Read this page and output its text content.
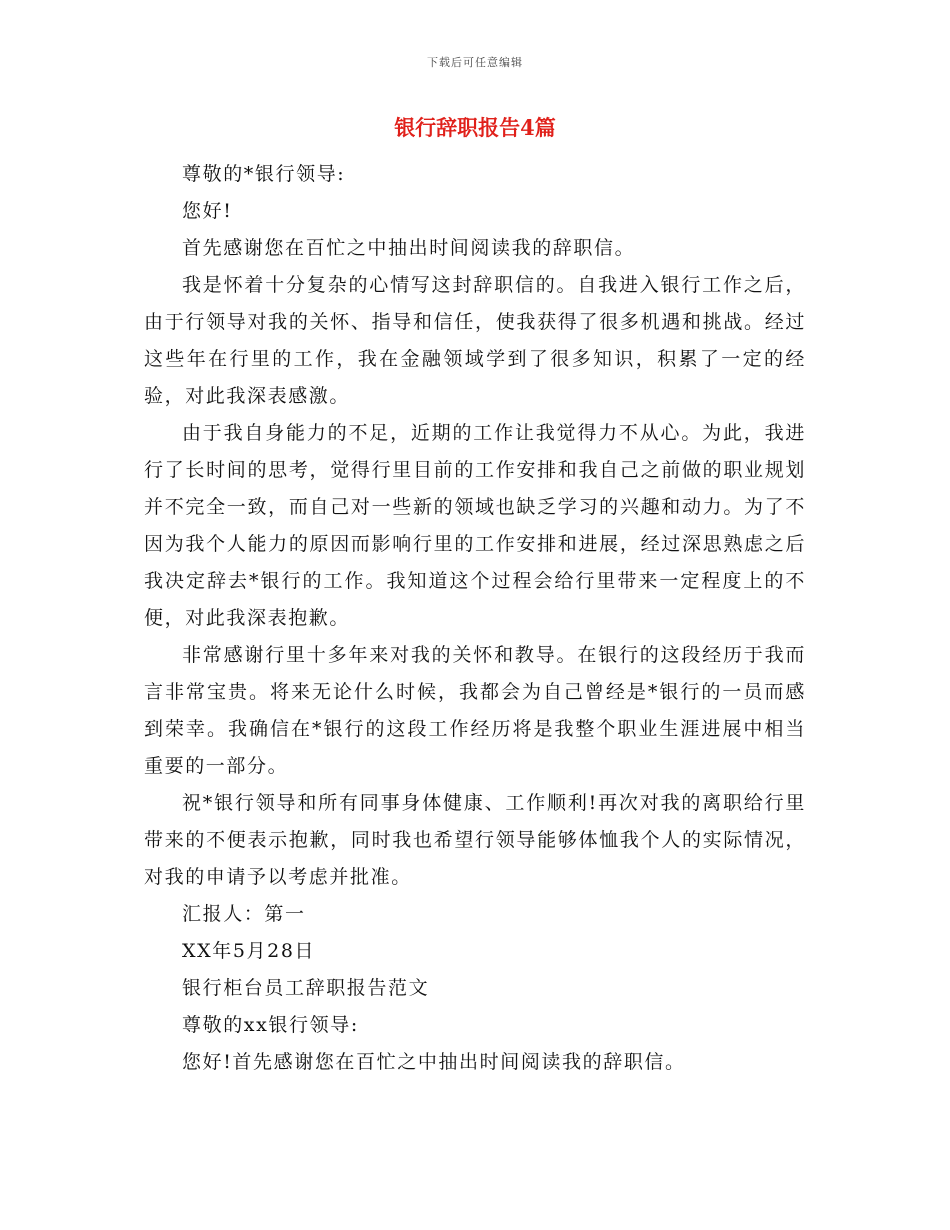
下载后可任意编辑
银行辞职报告4篇

尊敬的*银行领导:

您好!

首先感谢您在百忙之中抽出时间阅读我的辞职信。

我是怀着十分复杂的心情写这封辞职信的。自我进入银行工作之后，由于行领导对我的关怀、指导和信任，使我获得了很多机遇和挑战。经过这些年在行里的工作，我在金融领域学到了很多知识，积累了一定的经验，对此我深表感激。

由于我自身能力的不足，近期的工作让我觉得力不从心。为此，我进行了长时间的思考，觉得行里目前的工作安排和我自己之前做的职业规划 并不完全一致，而自己对一些新的领域也缺乏学习的兴趣和动力。为了不因为我个人能力的原因而影响行里的工作安排和进展，经过深思熟虑之后我决定辞去*银行的工作。我知道这个过程会给行里带来一定程度上的不便，对此我深表抱歉。

非常感谢行里十多年来对我的关怀和教导。在银行的这段经历于我而言非常宝贵。将来无论什么时候，我都会为自己曾经是*银行的一员而感到荣幸。我确信在*银行的这段工作经历将是我整个职业生涯进展中相当重要的一部分。

祝*银行领导和所有同事身体健康、工作顺利!再次对我的离职给行里带来的不便表示抱歉，同时我也希望行领导能够体恤我个人的实际情况，对我的申请予以考虑并批准。

汇报人：第一

XX年5月28日

银行柜台员工辞职报告范文

尊敬的xx银行领导:

您好!首先感谢您在百忙之中抽出时间阅读我的辞职信。
